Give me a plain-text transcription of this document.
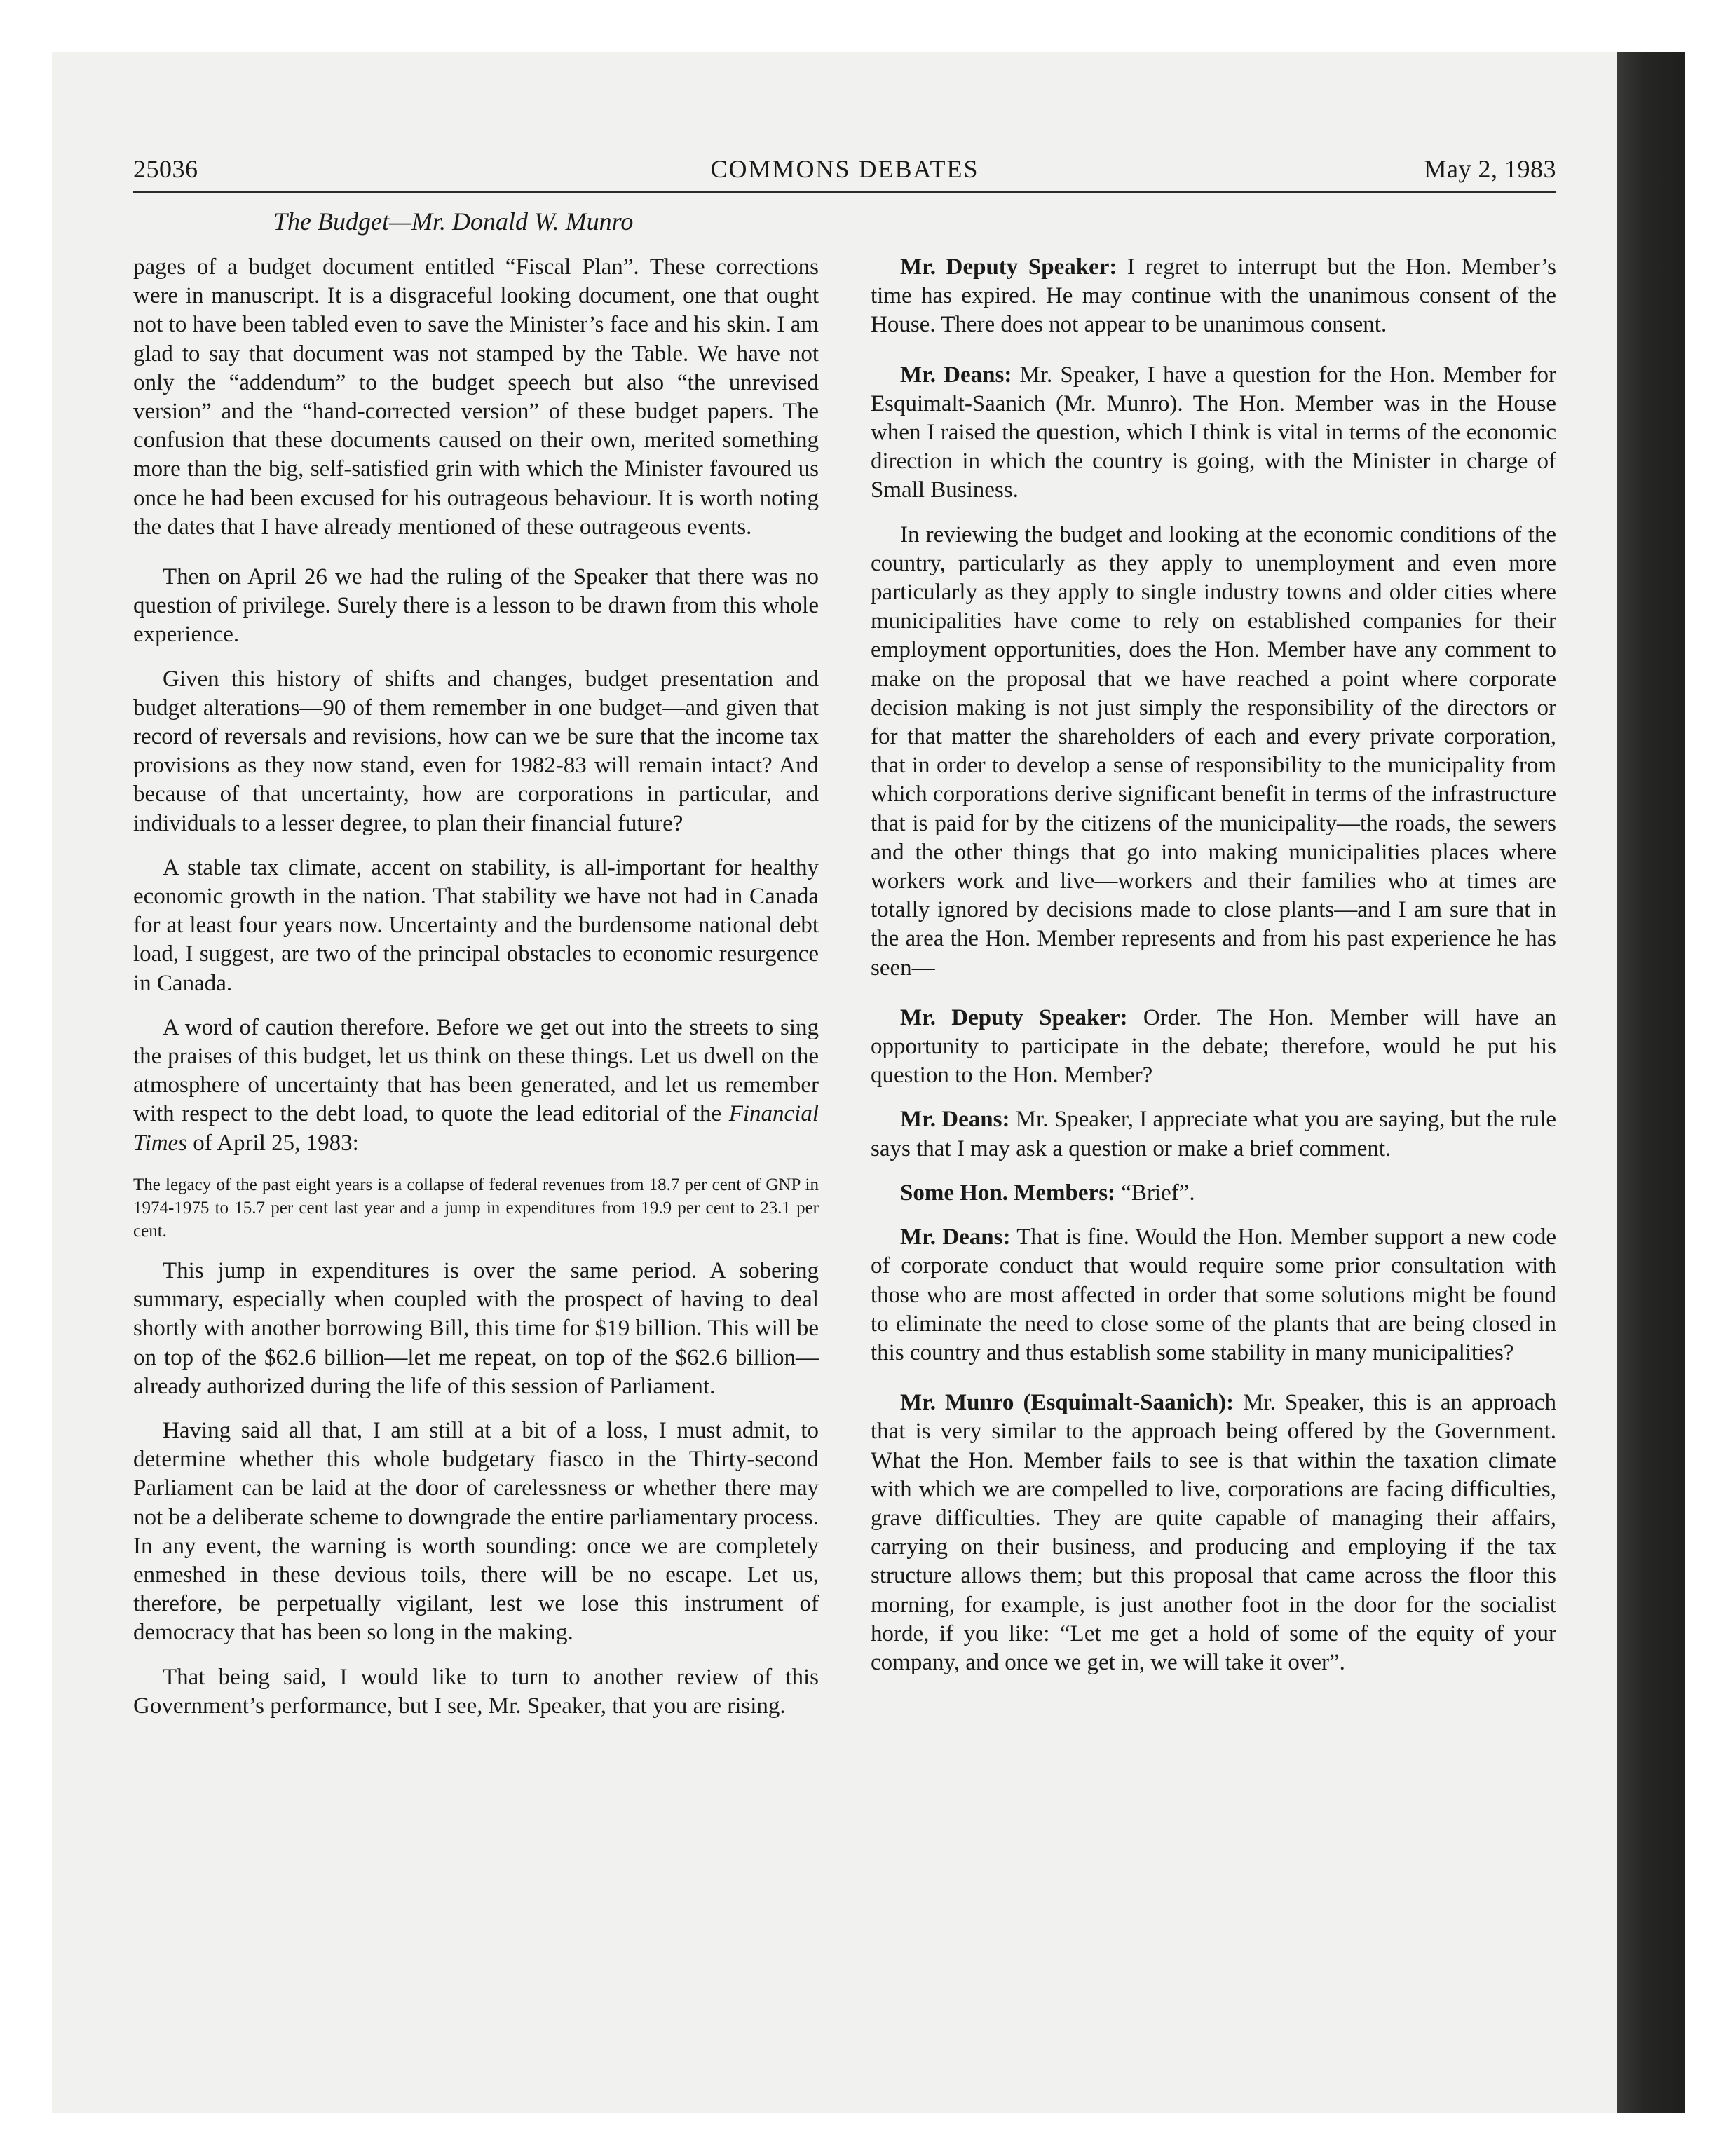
25036	COMMONS DEBATES	May 2, 1983
The Budget—Mr. Donald W. Munro

pages of a budget document entitled “Fiscal Plan”. These corrections were in manuscript. It is a disgraceful looking document, one that ought not to have been tabled even to save the Minister’s face and his skin. I am glad to say that document was not stamped by the Table. We have not only the “addendum” to the budget speech but also “the unrevised version” and the “hand-corrected version” of these budget papers. The confusion that these documents caused on their own, merited something more than the big, self-satisfied grin with which the Minister favoured us once he had been excused for his outrageous behaviour. It is worth noting the dates that I have already mentioned of these outrageous events.

Then on April 26 we had the ruling of the Speaker that there was no question of privilege. Surely there is a lesson to be drawn from this whole experience.

Given this history of shifts and changes, budget presentation and budget alterations—90 of them remember in one budget—and given that record of reversals and revisions, how can we be sure that the income tax provisions as they now stand, even for 1982-83 will remain intact? And because of that uncertainty, how are corporations in particular, and individuals to a lesser degree, to plan their financial future?

A stable tax climate, accent on stability, is all-important for healthy economic growth in the nation. That stability we have not had in Canada for at least four years now. Uncertainty and the burdensome national debt load, I suggest, are two of the principal obstacles to economic resurgence in Canada.

A word of caution therefore. Before we get out into the streets to sing the praises of this budget, let us think on these things. Let us dwell on the atmosphere of uncertainty that has been generated, and let us remember with respect to the debt load, to quote the lead editorial of the Financial Times of April 25, 1983:

The legacy of the past eight years is a collapse of federal revenues from 18.7 per cent of GNP in 1974-1975 to 15.7 per cent last year and a jump in expenditures from 19.9 per cent to 23.1 per cent.

This jump in expenditures is over the same period. A sobering summary, especially when coupled with the prospect of having to deal shortly with another borrowing Bill, this time for $19 billion. This will be on top of the $62.6 billion—let me repeat, on top of the $62.6 billion—already authorized during the life of this session of Parliament.

Having said all that, I am still at a bit of a loss, I must admit, to determine whether this whole budgetary fiasco in the Thirty-second Parliament can be laid at the door of carelessness or whether there may not be a deliberate scheme to downgrade the entire parliamentary process. In any event, the warning is worth sounding: once we are completely enmeshed in these devious toils, there will be no escape. Let us, therefore, be perpetually vigilant, lest we lose this instrument of democracy that has been so long in the making.

That being said, I would like to turn to another review of this Government’s performance, but I see, Mr. Speaker, that you are rising.

Mr. Deputy Speaker: I regret to interrupt but the Hon. Member’s time has expired. He may continue with the unanimous consent of the House. There does not appear to be unanimous consent.

Mr. Deans: Mr. Speaker, I have a question for the Hon. Member for Esquimalt-Saanich (Mr. Munro). The Hon. Member was in the House when I raised the question, which I think is vital in terms of the economic direction in which the country is going, with the Minister in charge of Small Business.

In reviewing the budget and looking at the economic conditions of the country, particularly as they apply to unemployment and even more particularly as they apply to single industry towns and older cities where municipalities have come to rely on established companies for their employment opportunities, does the Hon. Member have any comment to make on the proposal that we have reached a point where corporate decision making is not just simply the responsibility of the directors or for that matter the shareholders of each and every private corporation, that in order to develop a sense of responsibility to the municipality from which corporations derive significant benefit in terms of the infrastructure that is paid for by the citizens of the municipality—the roads, the sewers and the other things that go into making municipalities places where workers work and live—workers and their families who at times are totally ignored by decisions made to close plants—and I am sure that in the area the Hon. Member represents and from his past experience he has seen—

Mr. Deputy Speaker: Order. The Hon. Member will have an opportunity to participate in the debate; therefore, would he put his question to the Hon. Member?

Mr. Deans: Mr. Speaker, I appreciate what you are saying, but the rule says that I may ask a question or make a brief comment.

Some Hon. Members: “Brief”.

Mr. Deans: That is fine. Would the Hon. Member support a new code of corporate conduct that would require some prior consultation with those who are most affected in order that some solutions might be found to eliminate the need to close some of the plants that are being closed in this country and thus establish some stability in many municipalities?

Mr. Munro (Esquimalt-Saanich): Mr. Speaker, this is an approach that is very similar to the approach being offered by the Government. What the Hon. Member fails to see is that within the taxation climate with which we are compelled to live, corporations are facing difficulties, grave difficulties. They are quite capable of managing their affairs, carrying on their business, and producing and employing if the tax structure allows them; but this proposal that came across the floor this morning, for example, is just another foot in the door for the socialist horde, if you like: “Let me get a hold of some of the equity of your company, and once we get in, we will take it over”.
